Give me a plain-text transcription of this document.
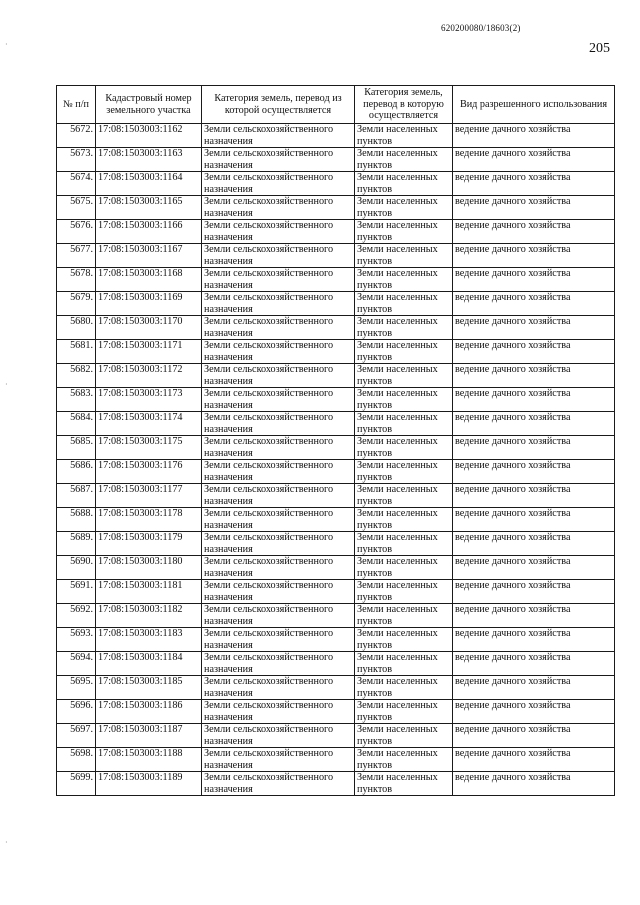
620200080/18603(2)
205
№ п/п	Кадастровый номер земельного участка	Категория земель, перевод из которой осуществляется	Категория земель, перевод в которую осуществляется	Вид разрешенного использования
5672.	17:08:1503003:1162	Земли сельскохозяйственного назначения	Земли населенных пунктов	ведение дачного хозяйства
5673.	17:08:1503003:1163	Земли сельскохозяйственного назначения	Земли населенных пунктов	ведение дачного хозяйства
5674.	17:08:1503003:1164	Земли сельскохозяйственного назначения	Земли населенных пунктов	ведение дачного хозяйства
5675.	17:08:1503003:1165	Земли сельскохозяйственного назначения	Земли населенных пунктов	ведение дачного хозяйства
5676.	17:08:1503003:1166	Земли сельскохозяйственного назначения	Земли населенных пунктов	ведение дачного хозяйства
5677.	17:08:1503003:1167	Земли сельскохозяйственного назначения	Земли населенных пунктов	ведение дачного хозяйства
5678.	17:08:1503003:1168	Земли сельскохозяйственного назначения	Земли населенных пунктов	ведение дачного хозяйства
5679.	17:08:1503003:1169	Земли сельскохозяйственного назначения	Земли населенных пунктов	ведение дачного хозяйства
5680.	17:08:1503003:1170	Земли сельскохозяйственного назначения	Земли населенных пунктов	ведение дачного хозяйства
5681.	17:08:1503003:1171	Земли сельскохозяйственного назначения	Земли населенных пунктов	ведение дачного хозяйства
5682.	17:08:1503003:1172	Земли сельскохозяйственного назначения	Земли населенных пунктов	ведение дачного хозяйства
5683.	17:08:1503003:1173	Земли сельскохозяйственного назначения	Земли населенных пунктов	ведение дачного хозяйства
5684.	17:08:1503003:1174	Земли сельскохозяйственного назначения	Земли населенных пунктов	ведение дачного хозяйства
5685.	17:08:1503003:1175	Земли сельскохозяйственного назначения	Земли населенных пунктов	ведение дачного хозяйства
5686.	17:08:1503003:1176	Земли сельскохозяйственного назначения	Земли населенных пунктов	ведение дачного хозяйства
5687.	17:08:1503003:1177	Земли сельскохозяйственного назначения	Земли населенных пунктов	ведение дачного хозяйства
5688.	17:08:1503003:1178	Земли сельскохозяйственного назначения	Земли населенных пунктов	ведение дачного хозяйства
5689.	17:08:1503003:1179	Земли сельскохозяйственного назначения	Земли населенных пунктов	ведение дачного хозяйства
5690.	17:08:1503003:1180	Земли сельскохозяйственного назначения	Земли населенных пунктов	ведение дачного хозяйства
5691.	17:08:1503003:1181	Земли сельскохозяйственного назначения	Земли населенных пунктов	ведение дачного хозяйства
5692.	17:08:1503003:1182	Земли сельскохозяйственного назначения	Земли населенных пунктов	ведение дачного хозяйства
5693.	17:08:1503003:1183	Земли сельскохозяйственного назначения	Земли населенных пунктов	ведение дачного хозяйства
5694.	17:08:1503003:1184	Земли сельскохозяйственного назначения	Земли населенных пунктов	ведение дачного хозяйства
5695.	17:08:1503003:1185	Земли сельскохозяйственного назначения	Земли населенных пунктов	ведение дачного хозяйства
5696.	17:08:1503003:1186	Земли сельскохозяйственного назначения	Земли населенных пунктов	ведение дачного хозяйства
5697.	17:08:1503003:1187	Земли сельскохозяйственного назначения	Земли населенных пунктов	ведение дачного хозяйства
5698.	17:08:1503003:1188	Земли сельскохозяйственного назначения	Земли населенных пунктов	ведение дачного хозяйства
5699.	17:08:1503003:1189	Земли сельскохозяйственного назначения	Земли населенных пунктов	ведение дачного хозяйства
·
·
·
